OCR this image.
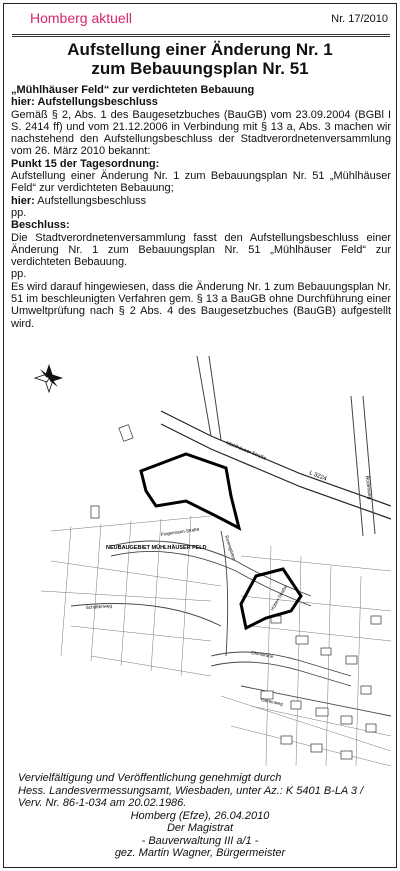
Homberg aktuell	Nr. 17/2010
Aufstellung einer Änderung Nr. 1
zum Bebauungsplan Nr. 51

„Mühlhäuser Feld“ zur verdichteten Bebauung

hier: Aufstellungsbeschluss

Gemäß § 2, Abs. 1 des Baugesetzbuches (BauGB) vom 23.09.2004 (BGBl I S. 2414 ff) und vom 21.12.2006 in Verbindung mit § 13 a, Abs. 3 machen wir nachstehend den Aufstellungsbeschluss der Stadtverordnetenversammlung vom 26. März 2010 bekannt:

Punkt 15 der Tagesordnung:

Aufstellung einer Änderung Nr. 1 zum Bebauungsplan Nr. 51 „Mühlhäuser Feld“ zur verdichteten Bebauung;

hier: Aufstellungsbeschluss

pp.

Beschluss:

Die Stadtverordnetenversammlung fasst den Aufstellungsbeschluss einer Änderung Nr. 1 zum Bebauungsplan Nr. 51 „Mühlhäuser Feld“ zur verdichteten Bebauung.

pp.

Es wird darauf hingewiesen, dass die Änderung Nr. 1 zum Bebauungsplan Nr. 51 im beschleunigten Verfahren gem. § 13 a BauGB ohne Durchführung einer Umweltprüfung nach § 2 Abs. 4 des Baugesetzbuches (BauGB) aufgestellt wird.

NEUBAUGEBIET MÜHLHÄUSER FELD
L 3224
Mühlhäuser Straße
Bodenweg
Fingermann-Straße
Rosengärten
Schüttenweg
Ohmstraße
Hütten-Straße
Gartenweg
Vervielfältigung und Veröffentlichung genehmigt durch
Hess. Landesvermessungsamt, Wiesbaden, unter Az.: K 5401 B-LA 3 /
Verv. Nr. 86-1-034 am 20.02.1986.
Homberg (Efze), 26.04.2010
Der Magistrat
- Bauverwaltung III a/1 -
gez. Martin Wagner, Bürgermeister
